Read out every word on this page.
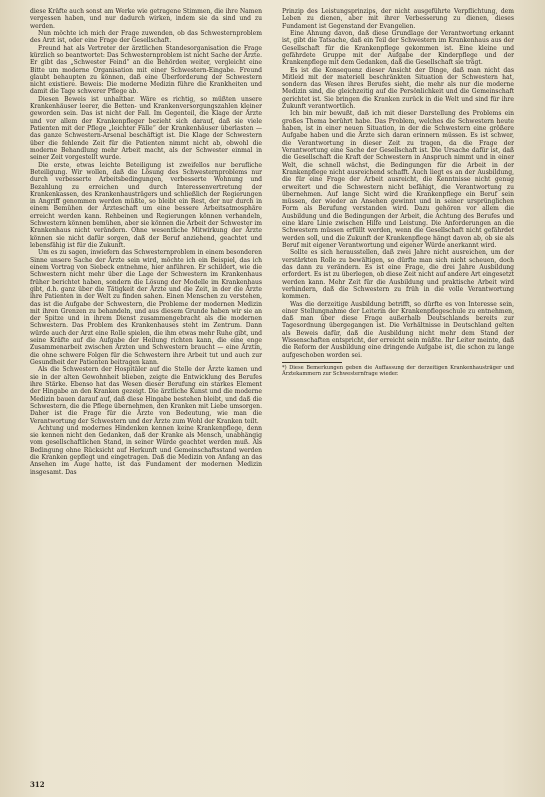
diese Kräfte auch sonst am Werke wie getragene Stimmen, die ihre Namen vergessen haben, und nur dadurch wirken, indem sie da sind und zu werden.

Nun möchte ich mich der Frage zuwenden, ob das Schwesternproblem des Arzt ist, oder eine Frage der Gesellschaft.

Freund hat als Vertreter der ärztlichen Standesorganisation die Frage kürzlich so beantwortet: Das Schwesternproblem ist nicht Sache der Ärzte. Er gibt das „Schwester Feind“ an die Behörden weiter, vergleicht eine Bitte um moderne Organisation mit einer Schwestern-Eingabe. Freund glaubt behaupten zu können, daß eine Überforderung der Schwestern nicht existiere. Beweis: Die moderne Medizin führe die Krankheiten und damit die Tage schwerer Pflege ab.

Diesen Beweis ist unhaltbar. Wäre es richtig, so müßten unsere Krankenhäuser leerer, die Betten- und Krankenversorgungszahlen kleiner geworden sein. Das ist nicht der Fall. Im Gegenteil, die Klage der Ärzte und vor allem der Krankenpfleger bezieht sich darauf, daß sie viele Patienten mit der Pflege „leichter Fälle“ der Krankenhäuser überlasten — das ganze Schwestern-Arsenal beschäftigt ist. Die Klage der Schwestern über die fehlende Zeit für die Patienten nimmt nicht ab, obwohl die moderne Behandlung mehr Arbeit macht, als der Schwester einmal in seiner Zeit vorgestellt wurde.

Die erste, etwas leichte Beteiligung ist zweifellos nur berufliche Beteiligung. Wir wollen, daß die Lösung des Schwesternproblems nur durch verbesserte Arbeitsbedingungen, verbesserte Wohnung und Bezahlung zu erreichen und durch Interessenvertretung der Krankenkassen, des Krankenhausträgers und schließlich der Regierungen in Angriff genommen werden müßte, so bleibt ein Rest, der nur durch in einem Bemühen der Ärzteschaft um eine bessere Arbeitsatmosphäre erreicht werden kann. Rehbeinen und Regierungen können verhandeln, Schwestern können bemühen, aber sie können die Arbeit der Schwester im Krankenhaus nicht verändern. Ohne wesentliche Mitwirkung der Ärzte können sie nicht dafür sorgen, daß der Beruf anziehend, geachtet und lebensfähig ist für die Zukunft.

Um es zu sagen, inwiefern das Schwesternproblem in einem besonderen Sinne unsere Sache der Ärzte sein wird, möchte ich ein Beispiel, das ich einem Vortrag von Siebeck entnehme, hier anführen. Er schildert, wie die Schwestern nicht mehr über die Lage der Schwestern im Krankenhaus früher berichtet haben, sondern die Lösung der Modelle im Krankenhaus gibt, d.h. ganz über die Tätigkeit der Ärzte und die Zeit, in der die Ärzte ihre Patienten in der Welt zu finden sahen. Einen Menschen zu verstehen, das ist die Aufgabe der Schwestern, die Probleme der modernen Medizin mit ihren Grenzen zu behandeln, und aus diesem Grunde haben wir sie an der Spitze und in ihrem Dienst zusammengebracht als die modernen Schwestern. Das Problem des Krankenhauses steht im Zentrum. Dann würde auch der Arzt eine Rolle spielen, die ihm etwas mehr Ruhe gibt, und seine Kräfte auf die Aufgabe der Heilung richten kann, die eine enge Zusammenarbeit zwischen Ärzten und Schwestern braucht — eine Ärztin, die ohne schwere Folgen für die Schwestern ihre Arbeit tut und auch zur Gesundheit der Patienten beitragen kann.

Als die Schwestern der Hospitäler auf die Stelle der Ärzte kamen und sie in der alten Gewohnheit blieben, zeigte die Entwicklung des Berufes ihre Stärke. Ebenso hat das Wesen dieser Berufung ein starkes Element der Hingabe an den Kranken gezeigt. Die ärztliche Kunst und die moderne Medizin bauen darauf auf, daß diese Hingabe bestehen bleibt, und daß die Schwestern, die die Pflege übernehmen, den Kranken mit Liebe umsorgen. Daher ist die Frage für die Ärzte von Bedeutung, wie man die Verantwortung der Schwestern und der Ärzte zum Wohl der Kranken teilt.

Achtung und modernes Hindenken kennen keine Krankenpflege, denn sie kennen nicht den Gedanken, daß der Kranke als Mensch, unabhängig vom gesellschaftlichen Stand, in seiner Würde geachtet werden muß. Als Bedingung ohne Rücksicht auf Herkunft und Gemeinschaftsstand werden die Kranken gepflegt und eingetragen. Daß die Medizin von Anfang an das Ansehen im Auge hatte, ist das Fundament der modernen Medizin insgesamt. Das

Prinzip des Leistungsprinzips, der nicht ausgeführte Verpflichtung, dem Leben zu dienen, aber mit ihrer Verbesserung zu dienen, dieses Fundament ist Gegenstand der Evangelien.

Eine Ahnung davon, daß diese Grundlage der Verantwortung erkannt ist, gibt die Tatsache, daß ein Teil der Schwestern im Krankenhaus aus der Gesellschaft für die Krankenpflege gekommen ist. Eine kleine und gefährdete Gruppe mit der Aufgabe der Kinderpflege und der Krankenpflege mit dem Gedanken, daß die Gesellschaft sie trägt.

Es ist die Konsequenz dieser Ansicht der Dinge, daß man nicht das Mitleid mit der materiell beschränkten Situation der Schwestern hat, sondern das Wesen ihres Berufes sieht, die mehr als nur die moderne Medizin sind, die gleichzeitig auf die Persönlichkeit und die Gemeinschaft gerichtet ist. Sie bringen die Kranken zurück in die Welt und sind für ihre Zukunft verantwortlich.

Ich bin mir bewußt, daß ich mit dieser Darstellung des Problems ein großes Thema berührt habe. Das Problem, welches die Schwestern heute haben, ist in einer neuen Situation, in der die Schwestern eine größere Aufgabe haben und die Ärzte sich daran erinnern müssen. Es ist schwer, die Verantwortung in dieser Zeit zu tragen, da die Frage der Verantwortung eine Sache der Gesellschaft ist. Die Ursache dafür ist, daß die Gesellschaft die Kraft der Schwestern in Anspruch nimmt und in einer Welt, die schnell wächst, die Bedingungen für die Arbeit in der Krankenpflege nicht ausreichend schafft. Auch liegt es an der Ausbildung, die für eine Frage der Arbeit ausreicht, die Kenntnisse nicht genug erweitert und die Schwestern nicht befähigt, die Verantwortung zu übernehmen. Auf lange Sicht wird die Krankenpflege ein Beruf sein müssen, der wieder an Ansehen gewinnt und in seiner ursprünglichen Form als Berufung verstanden wird. Dazu gehören vor allem die Ausbildung und die Bedingungen der Arbeit, die Achtung des Berufes und eine klare Linie zwischen Hilfe und Leistung. Die Anforderungen an die Schwestern müssen erfüllt werden, wenn die Gesellschaft nicht gefährdet werden soll, und die Zukunft der Krankenpflege hängt davon ab, ob sie als Beruf mit eigener Verantwortung und eigener Würde anerkannt wird.

Sollte es sich herausstellen, daß zwei Jahre nicht ausreichen, um der verstärkten Rolle zu bewältigen, so dürfte man sich nicht scheuen, doch das dann zu verändern. Es ist eine Frage, die drei Jahre Ausbildung erfordert. Es ist zu überlegen, ob diese Zeit nicht auf andere Art eingesetzt werden kann. Mehr Zeit für die Ausbildung und praktische Arbeit wird verhindern, daß die Schwestern zu früh in die volle Verantwortung kommen.

Was die derzeitige Ausbildung betrifft, so dürfte es von Interesse sein, einer Stellungnahme der Leiterin der Krankenpflegeschule zu entnehmen, daß man über diese Frage außerhalb Deutschlands bereits zur Tagesordnung übergegangen ist. Die Verhältnisse in Deutschland gelten als Beweis dafür, daß die Ausbildung nicht mehr dem Stand der Wissenschaften entspricht, der erreicht sein müßte. Ihr Leiter meinte, daß die Reform der Ausbildung eine dringende Aufgabe ist, die schon zu lange aufgeschoben worden sei.

*) Diese Bemerkungen geben die Auffassung der derzeitigen Krankenhausträger und Ärztekammern zur Schwesternfrage wieder.

312
